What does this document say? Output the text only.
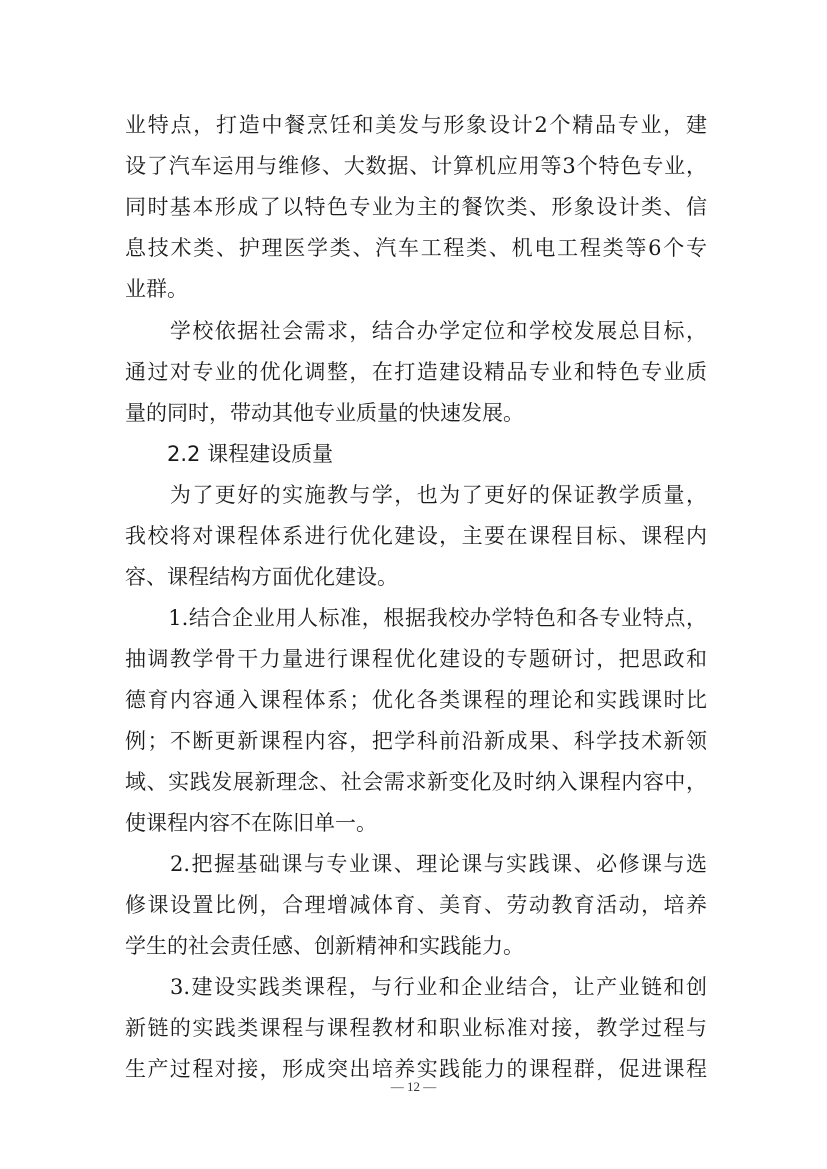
业特点，打造中餐烹饪和美发与形象设计2个精品专业，建
设了汽车运用与维修、大数据、计算机应用等3个特色专业，
同时基本形成了以特色专业为主的餐饮类、形象设计类、信
息技术类、护理医学类、汽车工程类、机电工程类等6个专
业群。
　　学校依据社会需求，结合办学定位和学校发展总目标，
通过对专业的优化调整，在打造建设精品专业和特色专业质
量的同时，带动其他专业质量的快速发展。
　　2.2 课程建设质量
　　为了更好的实施教与学，也为了更好的保证教学质量，
我校将对课程体系进行优化建设，主要在课程目标、课程内
容、课程结构方面优化建设。
　　1.结合企业用人标准，根据我校办学特色和各专业特点，
抽调教学骨干力量进行课程优化建设的专题研讨，把思政和
德育内容通入课程体系；优化各类课程的理论和实践课时比
例；不断更新课程内容，把学科前沿新成果、科学技术新领
域、实践发展新理念、社会需求新变化及时纳入课程内容中，
使课程内容不在陈旧单一。
　　2.把握基础课与专业课、理论课与实践课、必修课与选
修课设置比例，合理增减体育、美育、劳动教育活动，培养
学生的社会责任感、创新精神和实践能力。
　　3.建设实践类课程，与行业和企业结合，让产业链和创
新链的实践类课程与课程教材和职业标准对接，教学过程与
生产过程对接，形成突出培养实践能力的课程群，促进课程
— 12 —
